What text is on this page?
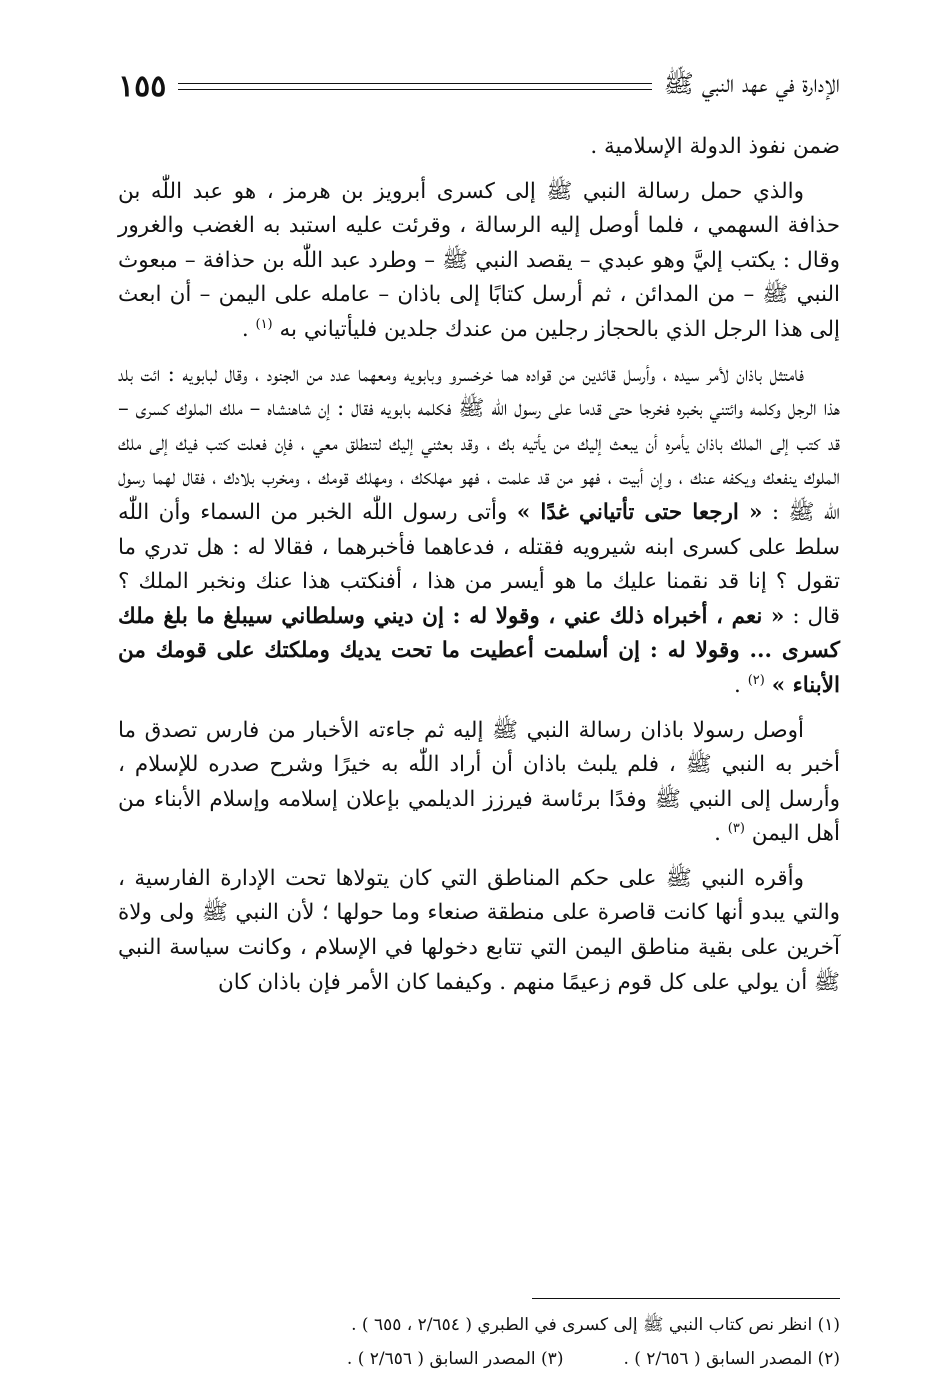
الإدارة في عهد النبي ﷺ
١٥٥

ضمن نفوذ الدولة الإسلامية .

والذي حمل رسالة النبي ﷺ إلى كسرى أبرويز بن هرمز ، هو عبد اللّٰه بن حذافة السهمي ، فلما أوصل إليه الرسالة ، وقرئت عليه استبد به الغضب والغرور وقال : يكتب إليَّ وهو عبدي – يقصد النبي ﷺ – وطرد عبد اللّٰه بن حذافة – مبعوث النبي ﷺ – من المدائن ، ثم أرسل كتابًا إلى باذان – عامله على اليمن – أن ابعث إلى هذا الرجل الذي بالحجاز رجلين من عندك جلدين فليأتياني به $^{(١)}$ .

فامتثل باذان لأمر سيده ، وأرسل قائدين من قواده هما خرخسرو وبابويه ومعهما عدد من الجنود ، وقال لبابويه : ائت بلد هذا الرجل وكلمه وائتني بخبره فخرجا حتى قدما على رسول اللّٰه ﷺ فكلمه بابويه فقال : إن شاهنشاه – ملك الملوك كسرى – قد كتب إلى الملك باذان يأمره أن يبعث إليك من يأتيه بك ، وقد بعثني إليك لتنطلق معي ، فإن فعلت كتب فيك إلى ملك الملوك ينفعك ويكفه عنك ، وإن أبيت ، فهو من قد علمت ، فهو مهلكك ، ومهلك قومك ، ومخرب بلادك ، فقال لهما رسول اللّٰه ﷺ : « ارجعا حتى تأتياني غدًا » وأتى رسول اللّٰه الخبر من السماء وأن اللّٰه سلط على كسرى ابنه شيرويه فقتله ، فدعاهما فأخبرهما ، فقالا له : هل تدري ما تقول ؟ إنا قد نقمنا عليك ما هو أيسر من هذا ، أفنكتب هذا عنك ونخبر الملك ؟ قال : « نعم ، أخبراه ذلك عني ، وقولا له : إن ديني وسلطاني سيبلغ ما بلغ ملك كسرى ... وقولا له : إن أسلمت أعطيت ما تحت يديك وملكتك على قومك من الأبناء » $^{(٢)}$ .

أوصل رسولا باذان رسالة النبي ﷺ إليه ثم جاءته الأخبار من فارس تصدق ما أخبر به النبي ﷺ ، فلم يلبث باذان أن أراد اللّٰه به خيرًا وشرح صدره للإسلام ، وأرسل إلى النبي ﷺ وفدًا برئاسة فيرزز الديلمي بإعلان إسلامه وإسلام الأبناء من أهل اليمن $^{(٣)}$ .

وأقره النبي ﷺ على حكم المناطق التي كان يتولاها تحت الإدارة الفارسية ، والتي يبدو أنها كانت قاصرة على منطقة صنعاء وما حولها ؛ لأن النبي ﷺ ولى ولاة آخرين على بقية مناطق اليمن التي تتابع دخولها في الإسلام ، وكانت سياسة النبي ﷺ أن يولي على كل قوم زعيمًا منهم . وكيفما كان الأمر فإن باذان كان

(١) انظر نص كتاب النبي ﷺ إلى كسرى في الطبري ( ٢/٦٥٤ ، ٦٥٥ ) .
(٢) المصدر السابق ( ٢/٦٥٦ ) .
(٣) المصدر السابق ( ٢/٦٥٦ ) .
